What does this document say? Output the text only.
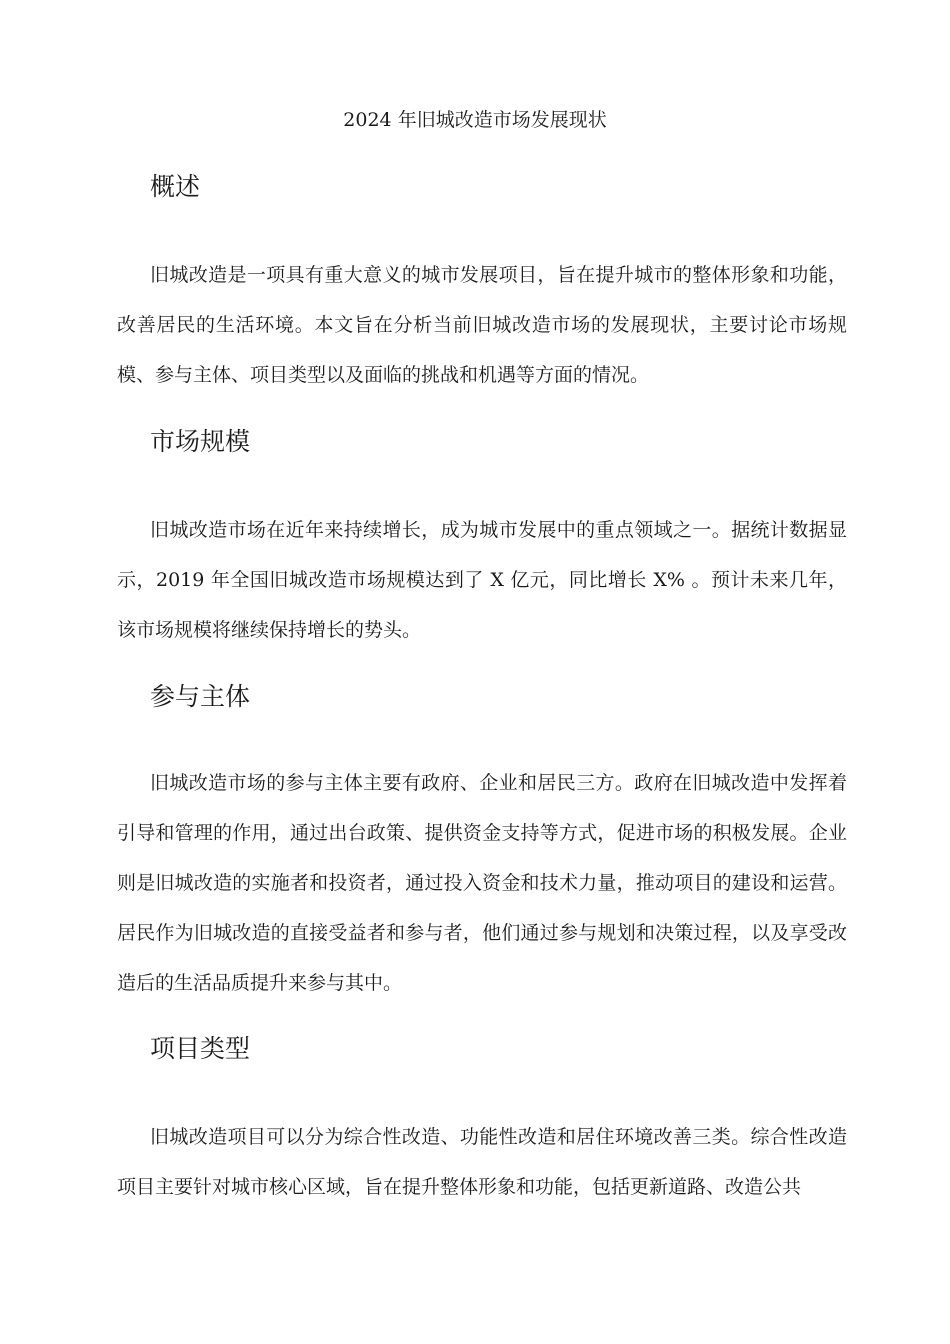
2024 年旧城改造市场发展现状
概述

旧城改造是一项具有重大意义的城市发展项目，旨在提升城市的整体形象和功能，改善居民的生活环境。本文旨在分析当前旧城改造市场的发展现状，主要讨论市场规模、参与主体、项目类型以及面临的挑战和机遇等方面的情况。

市场规模

旧城改造市场在近年来持续增长，成为城市发展中的重点领域之一。据统计数据显示，2019 年全国旧城改造市场规模达到了 X 亿元，同比增长 X% 。预计未来几年，该市场规模将继续保持增长的势头。

参与主体

旧城改造市场的参与主体主要有政府、企业和居民三方。政府在旧城改造中发挥着引导和管理的作用，通过出台政策、提供资金支持等方式，促进市场的积极发展。企业则是旧城改造的实施者和投资者，通过投入资金和技术力量，推动项目的建设和运营。居民作为旧城改造的直接受益者和参与者，他们通过参与规划和决策过程，以及享受改造后的生活品质提升来参与其中。

项目类型

旧城改造项目可以分为综合性改造、功能性改造和居住环境改善三类。综合性改造项目主要针对城市核心区域，旨在提升整体形象和功能，包括更新道路、改造公共
